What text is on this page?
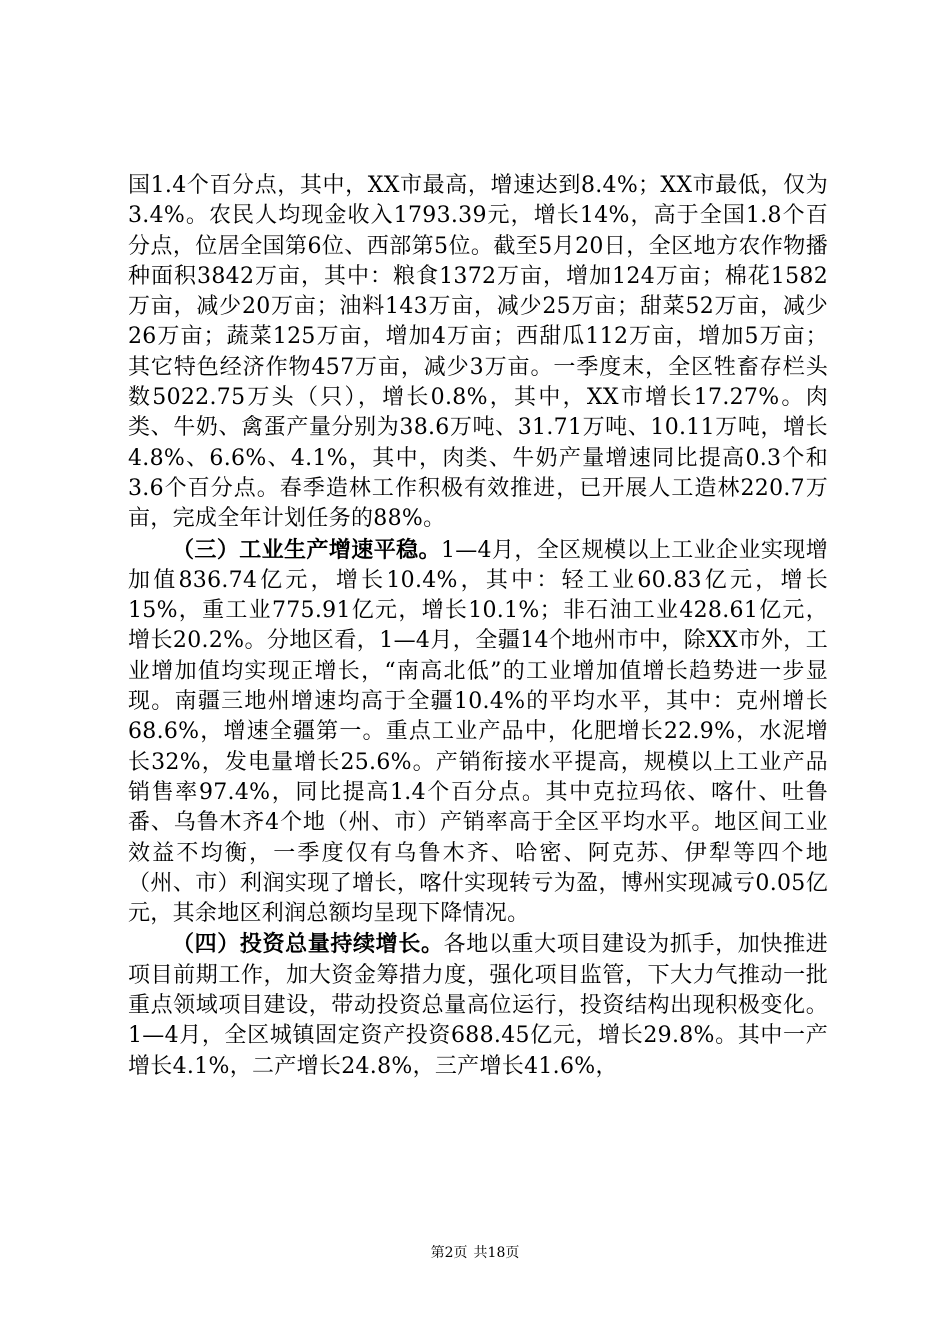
国1.4个百分点，其中，XX市最高，增速达到8.4%；XX市最低，仅为3.4%。农民人均现金收入1793.39元，增长14%，高于全国1.8个百分点，位居全国第6位、西部第5位。截至5月20日，全区地方农作物播种面积3842万亩，其中：粮食1372万亩，增加124万亩；棉花1582万亩，减少20万亩；油料143万亩，减少25万亩；甜菜52万亩，减少26万亩；蔬菜125万亩，增加4万亩；西甜瓜112万亩，增加5万亩；其它特色经济作物457万亩，减少3万亩。一季度末，全区牲畜存栏头数5022.75万头（只），增长0.8%，其中，XX市增长17.27%。肉类、牛奶、禽蛋产量分别为38.6万吨、31.71万吨、10.11万吨，增长4.8%、6.6%、4.1%，其中，肉类、牛奶产量增速同比提高0.3个和3.6个百分点。春季造林工作积极有效推进，已开展人工造林220.7万亩，完成全年计划任务的88%。

（三）工业生产增速平稳。1—4月，全区规模以上工业企业实现增加值836.74亿元，增长10.4%，其中：轻工业60.83亿元，增长15%，重工业775.91亿元，增长10.1%；非石油工业428.61亿元，增长20.2%。分地区看，1—4月，全疆14个地州市中，除XX市外，工业增加值均实现正增长，“南高北低”的工业增加值增长趋势进一步显现。南疆三地州增速均高于全疆10.4%的平均水平，其中：克州增长68.6%，增速全疆第一。重点工业产品中，化肥增长22.9%，水泥增长32%，发电量增长25.6%。产销衔接水平提高，规模以上工业产品销售率97.4%，同比提高1.4个百分点。其中克拉玛依、喀什、吐鲁番、乌鲁木齐4个地（州、市）产销率高于全区平均水平。地区间工业效益不均衡，一季度仅有乌鲁木齐、哈密、阿克苏、伊犁等四个地（州、市）利润实现了增长，喀什实现转亏为盈，博州实现减亏0.05亿元，其余地区利润总额均呈现下降情况。

（四）投资总量持续增长。各地以重大项目建设为抓手，加快推进项目前期工作，加大资金筹措力度，强化项目监管，下大力气推动一批重点领域项目建设，带动投资总量高位运行，投资结构出现积极变化。1—4月，全区城镇固定资产投资688.45亿元，增长29.8%。其中一产增长4.1%，二产增长24.8%，三产增长41.6%，

第2页 共18页
